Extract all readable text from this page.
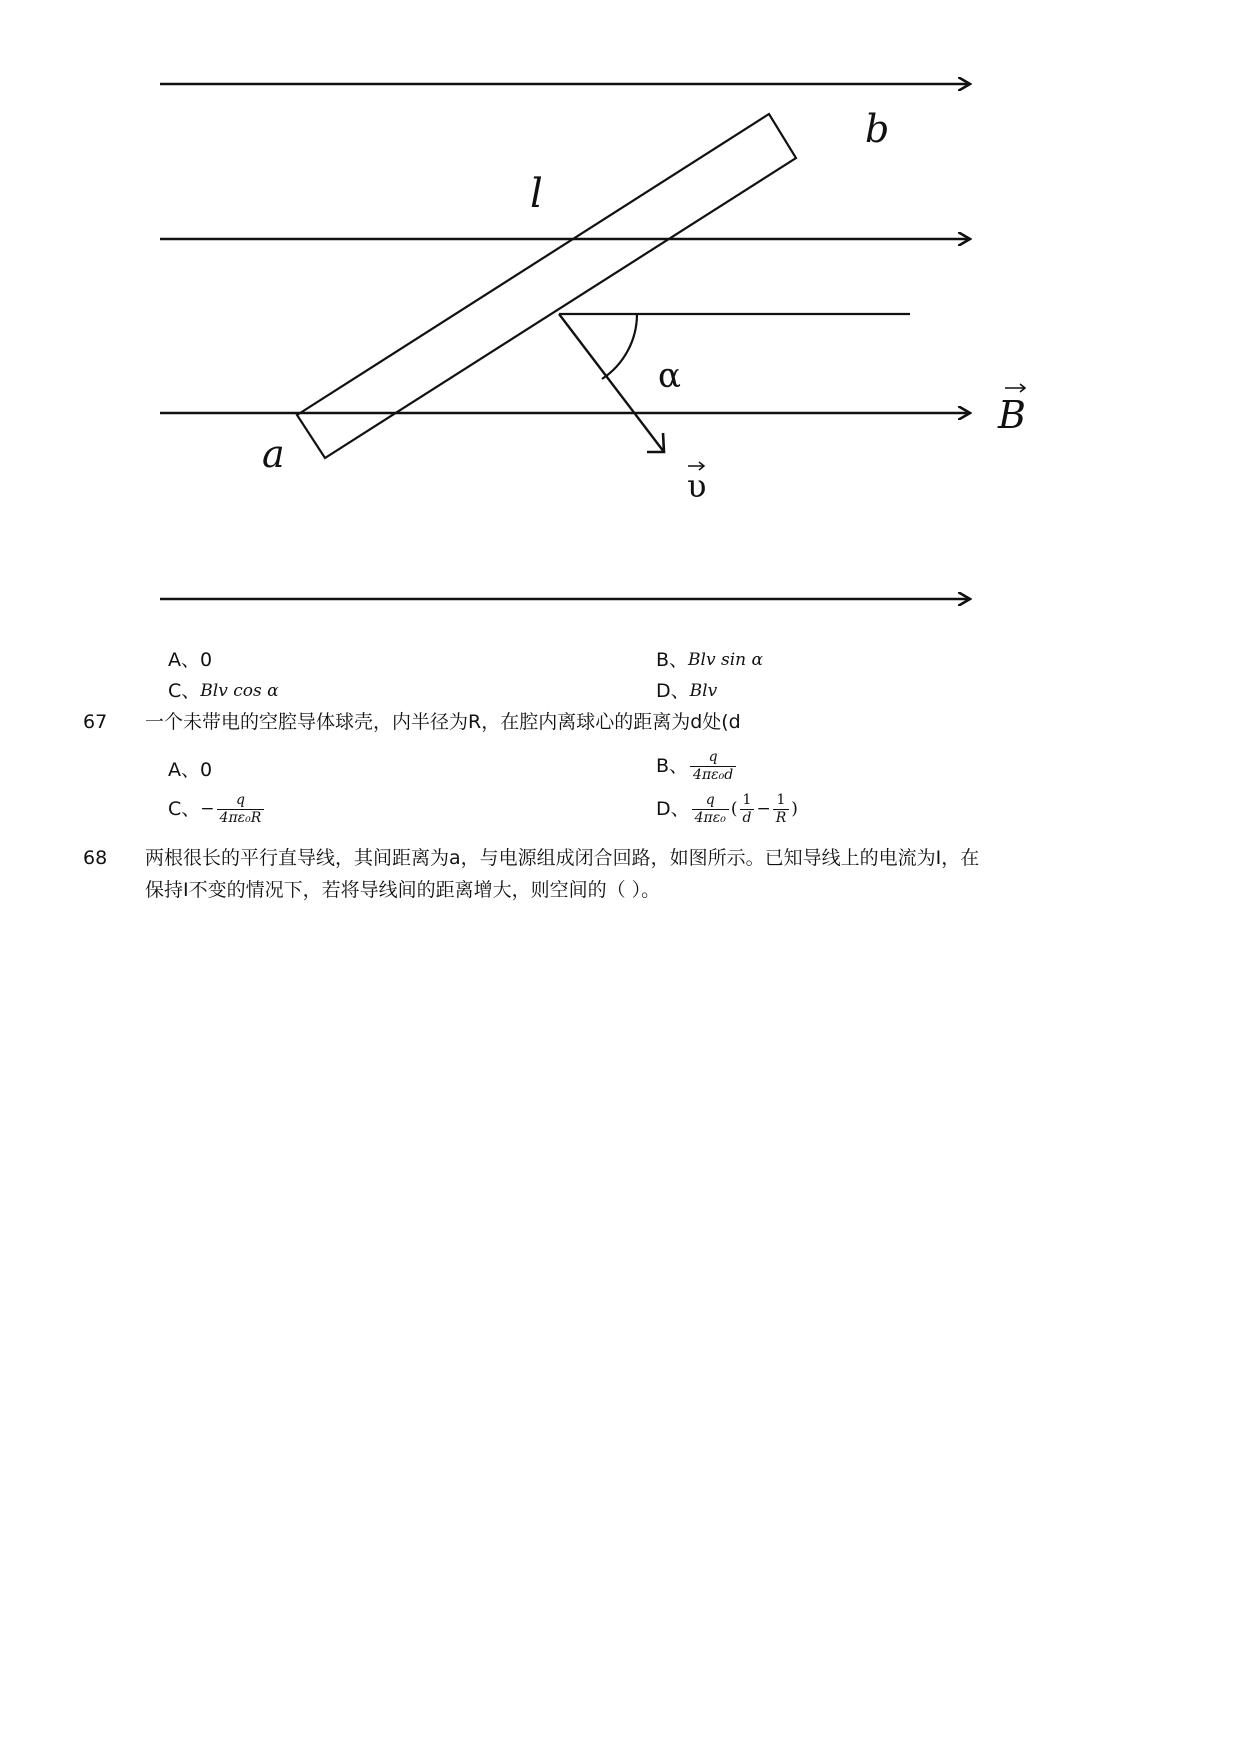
b
l
α
B
a
υ
A、 0	B、 Blv sin α
C、 Blv cos α	D、 Blv
67 一个未带电的空腔导体球壳，内半径为R，在腔内离球心的距离为d处(d
A、 0	B、 $\frac{q}{\text{4πε₀d}}$
C、 − $\frac{q}{\text{4πε₀R}}$	D、 $\frac{q}{\text{4πε₀}}$ ( $\frac{1}{d} - \frac{1}{R}$ )
68 两根很长的平行直导线，其间距离为a，与电源组成闭合回路，如图所示。已知导线上的电流为I，在
保持I不变的情况下，若将导线间的距离增大，则空间的（ ）。
